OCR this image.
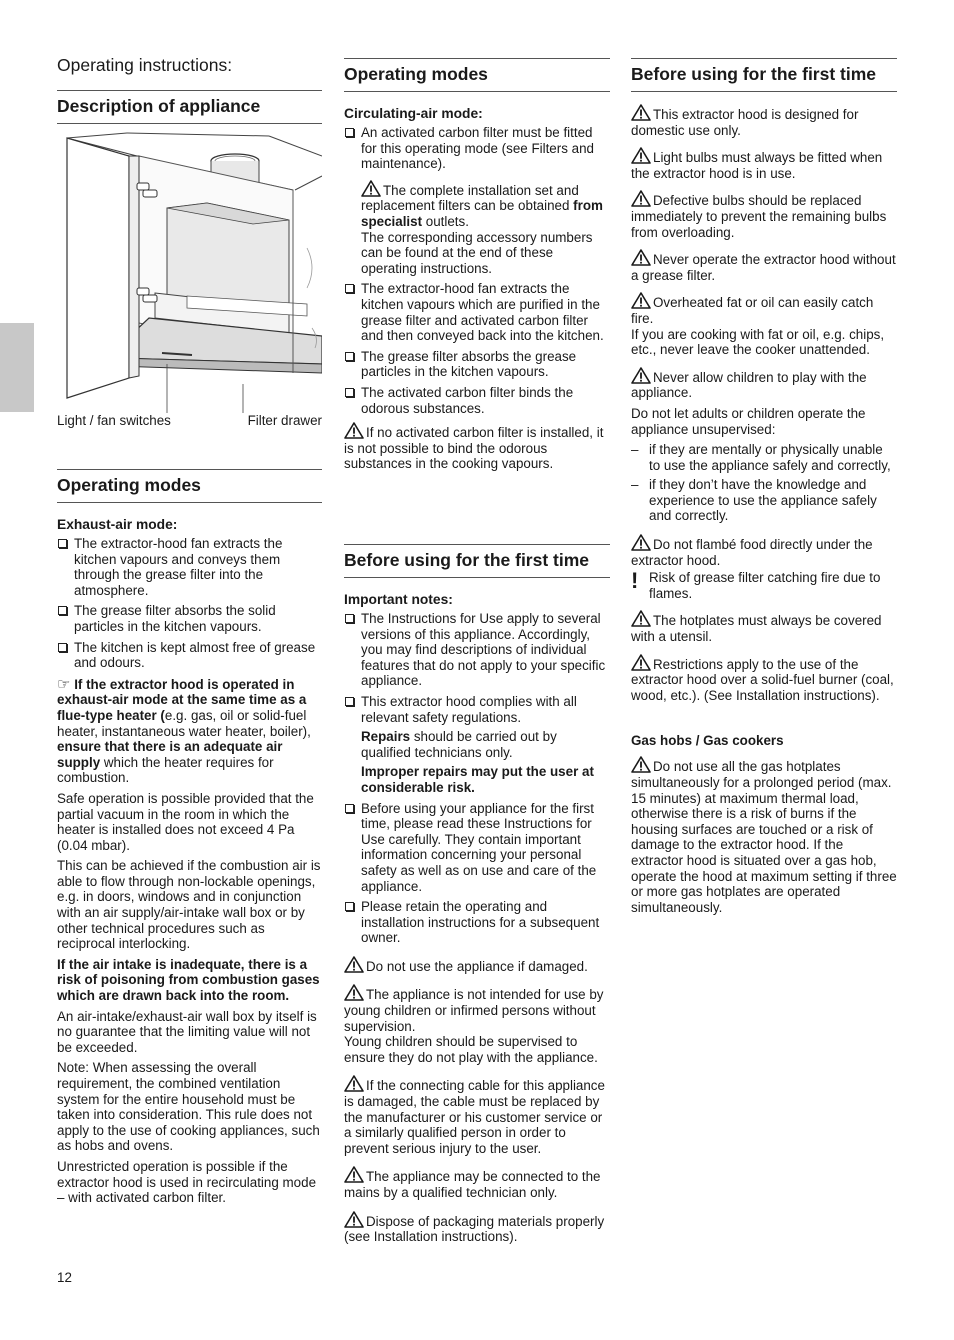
Operating instructions:
Description of appliance
Operating modes
Exhaust-air mode:
The extractor-hood fan extracts the kitchen vapours and conveys them through the grease filter into the atmosphere.
The grease filter absorbs the solid particles in the kitchen vapours.
The kitchen is kept almost free of grease and odours.

☞ If the extractor hood is operated in exhaust-air mode at the same time as a flue-type heater (e.g. gas, oil or solid-fuel heater, instantaneous water heater, boiler), ensure that there is an adequate air supply which the heater requires for combustion.

Safe operation is possible provided that the partial vacuum in the room in which the heater is installed does not exceed 4 Pa (0.04 mbar).

This can be achieved if the combustion air is able to flow through non-lockable openings, e.g. in doors, windows and in conjunction with an air supply/air-intake wall box or by other technical procedures such as reciprocal interlocking.

If the air intake is inadequate, there is a risk of poisoning from combustion gases which are drawn back into the room.

An air-intake/exhaust-air wall box by itself is no guarantee that the limiting value will not be exceeded.

Note: When assessing the overall requirement, the combined ventilation system for the entire household must be taken into consideration. This rule does not apply to the use of cooking appliances, such as hobs and ovens.

Unrestricted operation is possible if the extractor hood is used in recirculating mode – with activated carbon filter.

Light / fan switches	Filter drawer
Operating modes
Circulating-air mode:
An activated carbon filter must be fitted for this operating mode (see Filters and maintenance).

The complete installation set and replacement filters can be obtained from specialist outlets.
The corresponding accessory numbers can be found at the end of these operating instructions.

The extractor-hood fan extracts the kitchen vapours which are purified in the grease filter and activated carbon filter and then conveyed back into the kitchen.
The grease filter absorbs the grease particles in the kitchen vapours.
The activated carbon filter binds the odorous substances.

If no activated carbon filter is installed, it is not possible to bind the odorous substances in the cooking vapours.

Before using for the first time
Important notes:
The Instructions for Use apply to several versions of this appliance. Accordingly, you may find descriptions of individual features that do not apply to your specific appliance.
This extractor hood complies with all relevant safety regulations.

Repairs should be carried out by qualified technicians only.

Improper repairs may put the user at considerable risk.

Before using your appliance for the first time, please read these Instructions for Use carefully. They contain important information concerning your personal safety as well as on use and care of the appliance.
Please retain the operating and installation instructions for a subsequent owner.

Do not use the appliance if damaged.

The appliance is not intended for use by young children or infirmed persons without supervision.
Young children should be supervised to ensure they do not play with the appliance.

If the connecting cable for this appliance is damaged, the cable must be replaced by the manufacturer or his customer service or a similarly qualified person in order to prevent serious injury to the user.

The appliance may be connected to the mains by a qualified technician only.

Dispose of packaging materials properly (see Installation instructions).

Before using for the first time

This extractor hood is designed for domestic use only.

Light bulbs must always be fitted when the extractor hood is in use.

Defective bulbs should be replaced immediately to prevent the remaining bulbs from overloading.

Never operate the extractor hood without a grease filter.

Overheated fat or oil can easily catch fire.
If you are cooking with fat or oil, e.g. chips, etc., never leave the cooker unattended.

Never allow children to play with the appliance.

Do not let adults or children operate the appliance unsupervised:

– if they are mentally or physically unable to use the appliance safely and correctly,
– if they don’t have the knowledge and experience to use the appliance safely and correctly.

Do not flambé food directly under the extractor hood.

! Risk of grease filter catching fire due to flames.

The hotplates must always be covered with a utensil.

Restrictions apply to the use of the extractor hood over a solid-fuel burner (coal, wood, etc.). (See Installation instructions).

Gas hobs / Gas cookers

Do not use all the gas hotplates simultaneously for a prolonged period (max. 15 minutes) at maximum thermal load, otherwise there is a risk of burns if the housing surfaces are touched or a risk of damage to the extractor hood. If the extractor hood is situated over a gas hob, operate the hood at maximum setting if three or more gas hotplates are operated simultaneously.

12
